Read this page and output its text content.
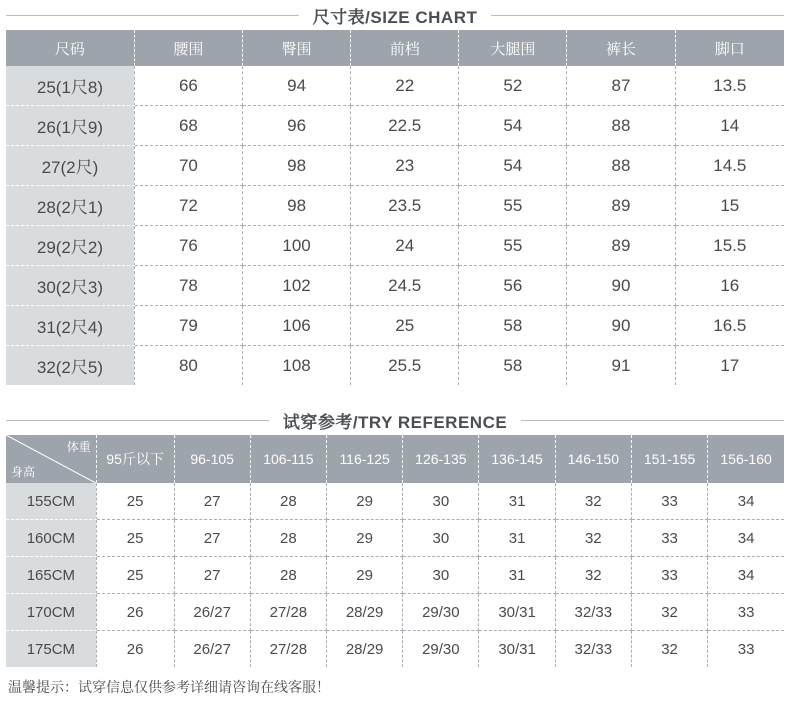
尺寸表/SIZE CHART
尺码	腰围	臀围	前档	大腿围	裤长	脚口
25(1尺8)	66	94	22	52	87	13.5
26(1尺9)	68	96	22.5	54	88	14
27(2尺)	70	98	23	54	88	14.5
28(2尺1)	72	98	23.5	55	89	15
29(2尺2)	76	100	24	55	89	15.5
30(2尺3)	78	102	24.5	56	90	16
31(2尺4)	79	106	25	58	90	16.5
32(2尺5)	80	108	25.5	58	91	17
试穿参考/TRY REFERENCE
体重
身高	95斤以下	96-105	106-115	116-125	126-135	136-145	146-150	151-155	156-160
155CM	25	27	28	29	30	31	32	33	34
160CM	25	27	28	29	30	31	32	33	34
165CM	25	27	28	29	30	31	32	33	34
170CM	26	26/27	27/28	28/29	29/30	30/31	32/33	32	33
175CM	26	26/27	27/28	28/29	29/30	30/31	32/33	32	33
温馨提示：试穿信息仅供参考详细请咨询在线客服！
